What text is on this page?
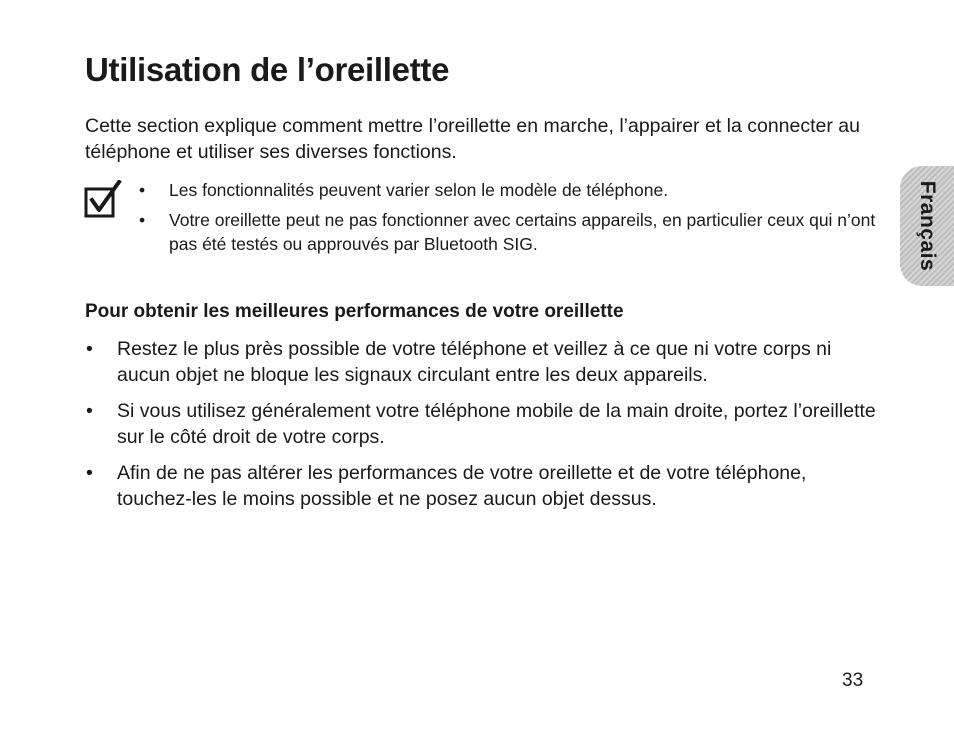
Utilisation de l’oreillette

Cette section explique comment mettre l’oreillette en marche, l’appairer et la connecter au téléphone et utiliser ses diverses fonctions.

• Les fonctionnalités peuvent varier selon le modèle de téléphone.
• Votre oreillette peut ne pas fonctionner avec certains appareils, en particulier ceux qui n’ont pas été testés ou approuvés par Bluetooth SIG.
Pour obtenir les meilleures performances de votre oreillette
• Restez le plus près possible de votre téléphone et veillez à ce que ni votre corps ni aucun objet ne bloque les signaux circulant entre les deux appareils.
• Si vous utilisez généralement votre téléphone mobile de la main droite, portez l’oreillette sur le côté droit de votre corps.
• Afin de ne pas altérer les performances de votre oreillette et de votre téléphone, touchez-les le moins possible et ne posez aucun objet dessus.
Français
33
